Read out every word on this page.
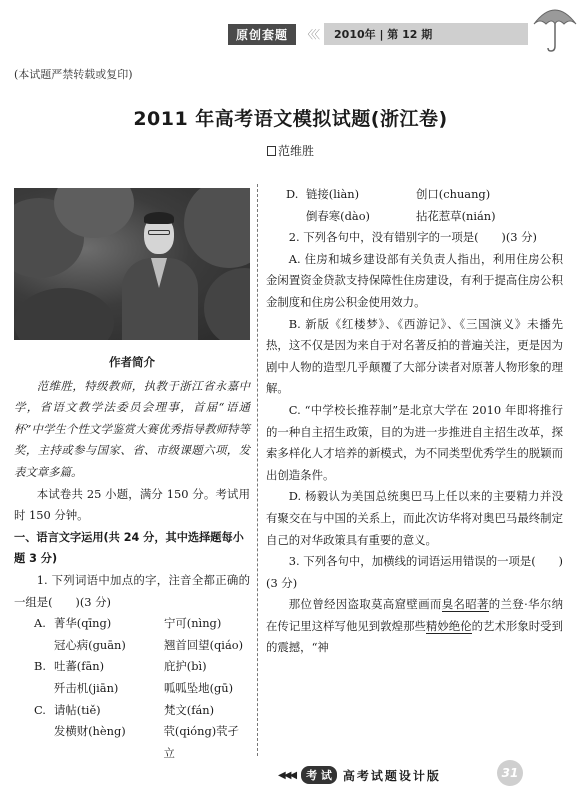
原创套题	〈〈〈	2010年 | 第 12 期
(本试题严禁转载或复印)
2011 年高考语文模拟试题(浙江卷)
范维胜
作者简介

范维胜，特级教师，执教于浙江省永嘉中学，省语文教学法委员会理事，首届“语通杯”中学生个性文学鉴赏大赛优秀指导教师特等奖，主持或参与国家、省、市级课题六项，发表文章多篇。

本试卷共 25 小题，满分 150 分。考试用时 150 分钟。

一、语言文字运用(共 24 分，其中选择题每小题 3 分)

1. 下列词语中加点的字，注音全都正确的一组是(　　)(3 分)

A. 菁华(qīng)	宁可(nìng)
冠心病(guān)	翘首回望(qiáo)
B. 吐蕃(fān)	庇护(bì)
歼击机(jiān)	呱呱坠地(gū)
C. 请帖(tiě)	梵文(fán)
发横财(hèng)	茕(qióng)茕孑立
D. 链接(liàn)	创口(chuang)
倒春寒(dào)	拈花惹草(nián)

2. 下列各句中，没有错别字的一项是(　　)(3 分)

A. 住房和城乡建设部有关负责人指出，利用住房公积金闲置资金贷款支持保障性住房建设，有利于提高住房公积金制度和住房公积金使用效力。

B. 新版《红楼梦》、《西游记》、《三国演义》未播先热，这不仅是因为来自于对名著反拍的普遍关注，更是因为剧中人物的造型几乎颠覆了大部分读者对原著人物形象的理解。

C. “中学校长推荐制”是北京大学在 2010 年即将推行的一种自主招生政策，目的为进一步推进自主招生改革，探索多样化人才培养的新模式，为不同类型优秀学生的脱颖而出创造条件。

D. 杨毅认为美国总统奥巴马上任以来的主要精力并没有聚交在与中国的关系上，而此次访华将对奥巴马最终制定自己的对华政策具有重要的意义。

3. 下列各句中，加横线的词语运用错误的一项是(　　)(3 分)

那位曾经因盗取莫高窟壁画而臭名昭著的兰登·华尔纳在传记里这样写他见到敦煌那些精妙绝伦的艺术形象时受到的震撼，“神

◀◀◀	考 试 高考试题设计版	31
